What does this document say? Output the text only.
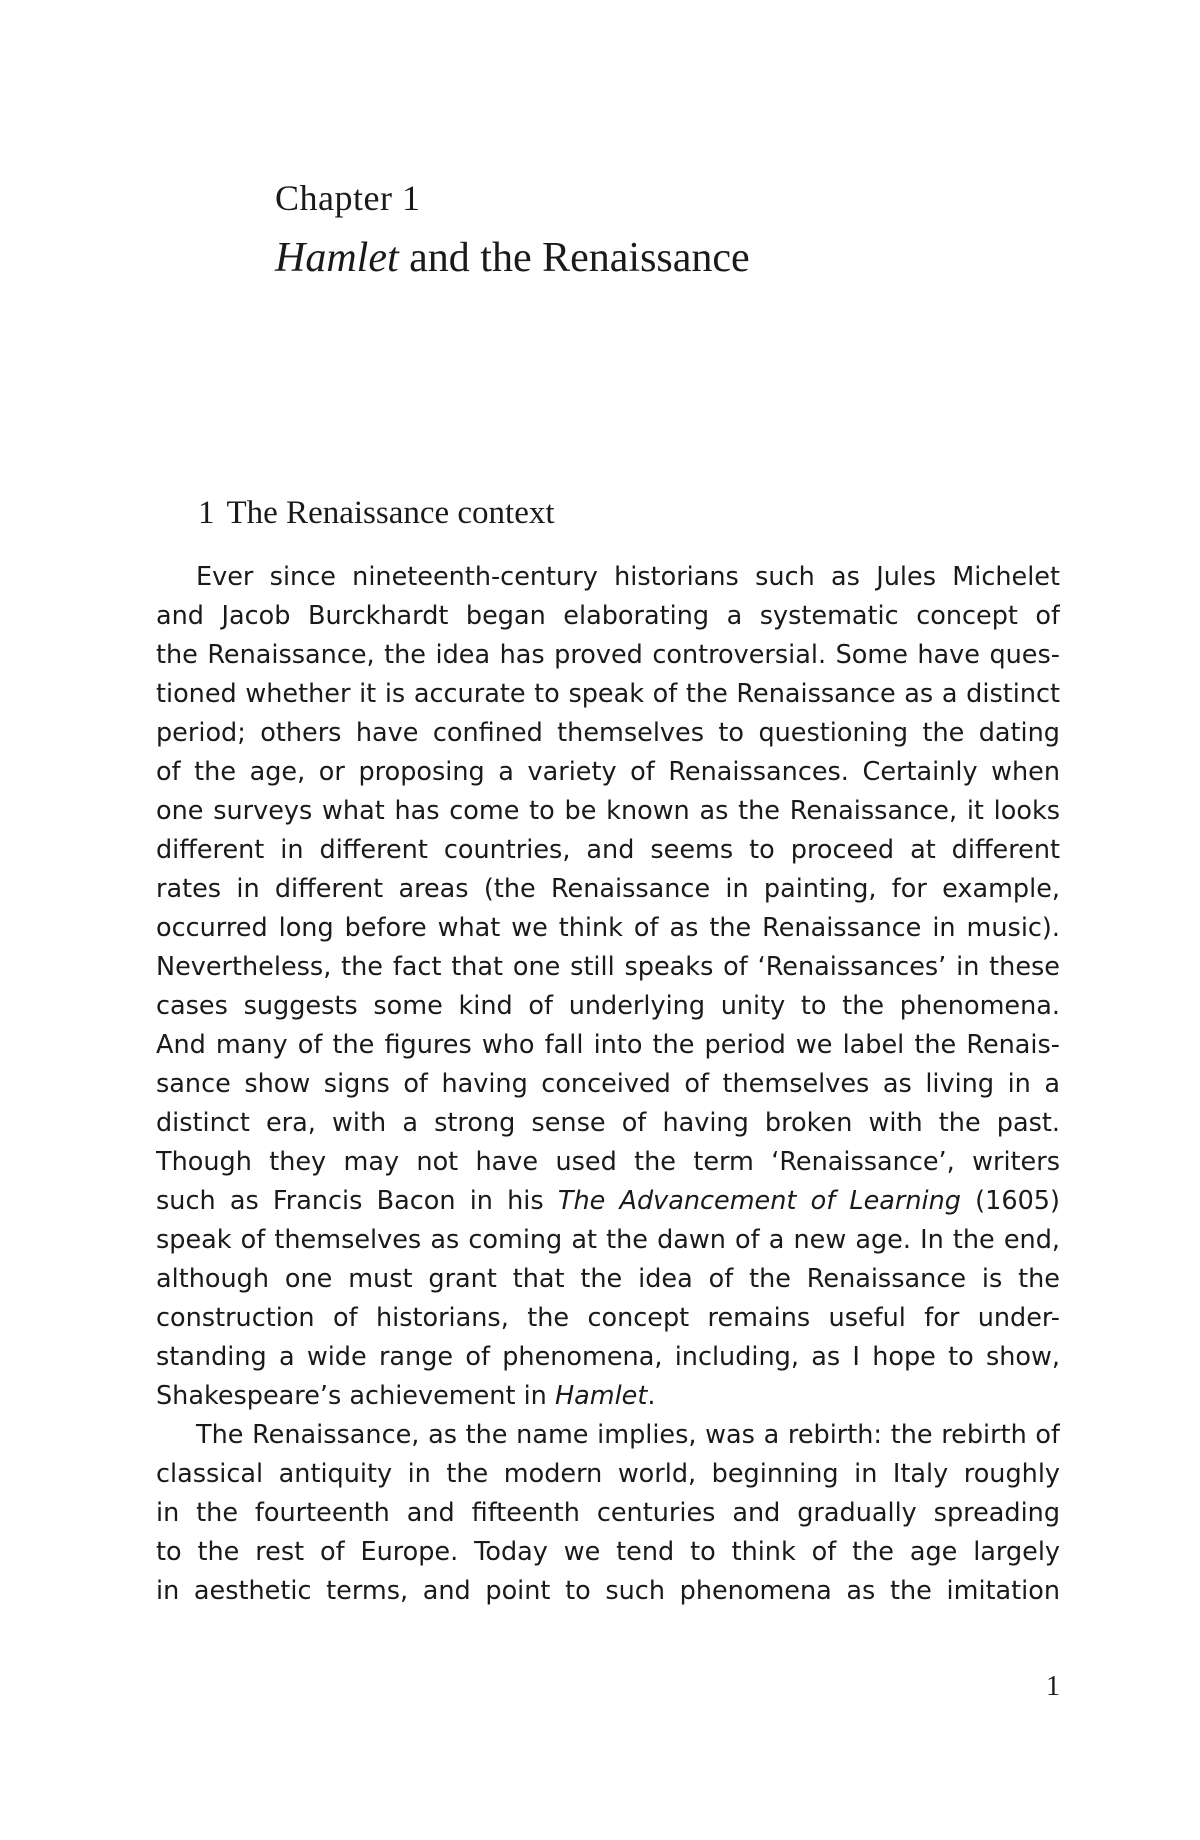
Chapter 1
Hamlet and the Renaissance
1 The Renaissance context
Ever since nineteenth-century historians such as Jules Michelet
and Jacob Burckhardt began elaborating a systematic concept of
the Renaissance, the idea has proved controversial. Some have ques-
tioned whether it is accurate to speak of the Renaissance as a distinct
period; others have confined themselves to questioning the dating
of the age, or proposing a variety of Renaissances. Certainly when
one surveys what has come to be known as the Renaissance, it looks
different in different countries, and seems to proceed at different
rates in different areas (the Renaissance in painting, for example,
occurred long before what we think of as the Renaissance in music).
Nevertheless, the fact that one still speaks of ‘Renaissances’ in these
cases suggests some kind of underlying unity to the phenomena.
And many of the figures who fall into the period we label the Renais-
sance show signs of having conceived of themselves as living in a
distinct era, with a strong sense of having broken with the past.
Though they may not have used the term ‘Renaissance’, writers
such as Francis Bacon in his The Advancement of Learning (1605)
speak of themselves as coming at the dawn of a new age. In the end,
although one must grant that the idea of the Renaissance is the
construction of historians, the concept remains useful for under-
standing a wide range of phenomena, including, as I hope to show,
Shakespeare’s achievement in Hamlet.
The Renaissance, as the name implies, was a rebirth: the rebirth of
classical antiquity in the modern world, beginning in Italy roughly
in the fourteenth and fifteenth centuries and gradually spreading
to the rest of Europe. Today we tend to think of the age largely
in aesthetic terms, and point to such phenomena as the imitation
1
